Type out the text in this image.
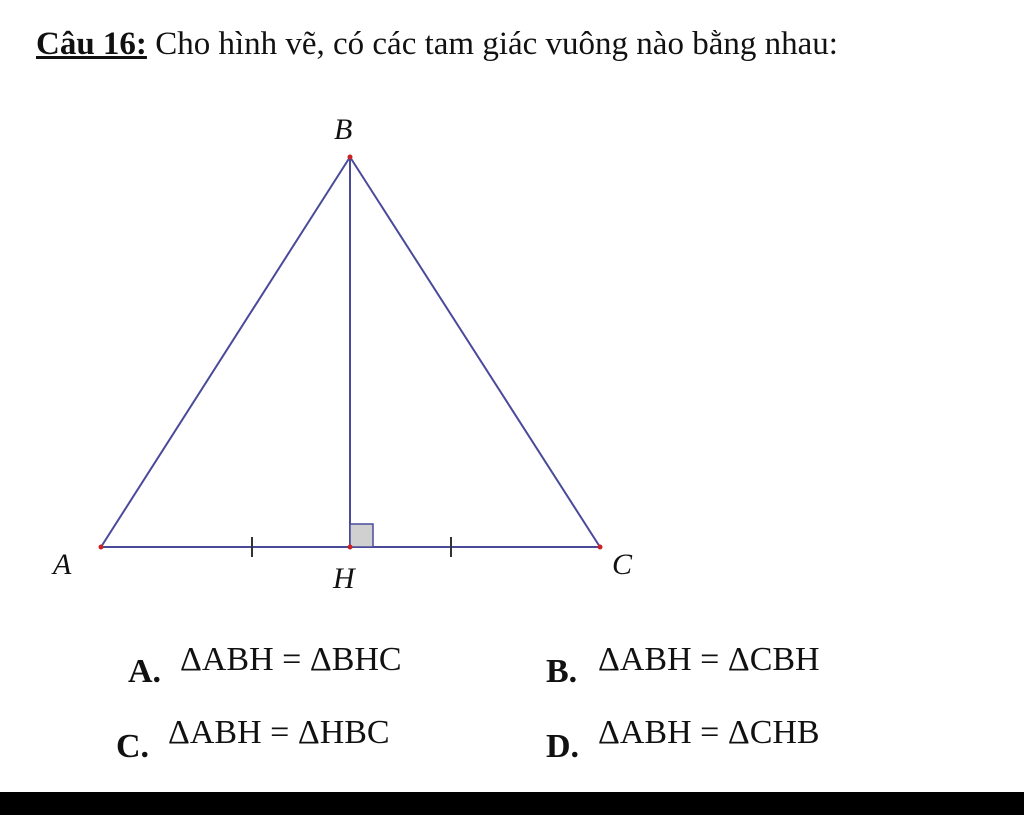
Câu 16: Cho hình vẽ, có các tam giác vuông nào bằng nhau:
B
A	H	C
A. ΔABH = ΔBHC	B. ΔABH = ΔCBH
C. ΔABH = ΔHBC	D. ΔABH = ΔCHB
